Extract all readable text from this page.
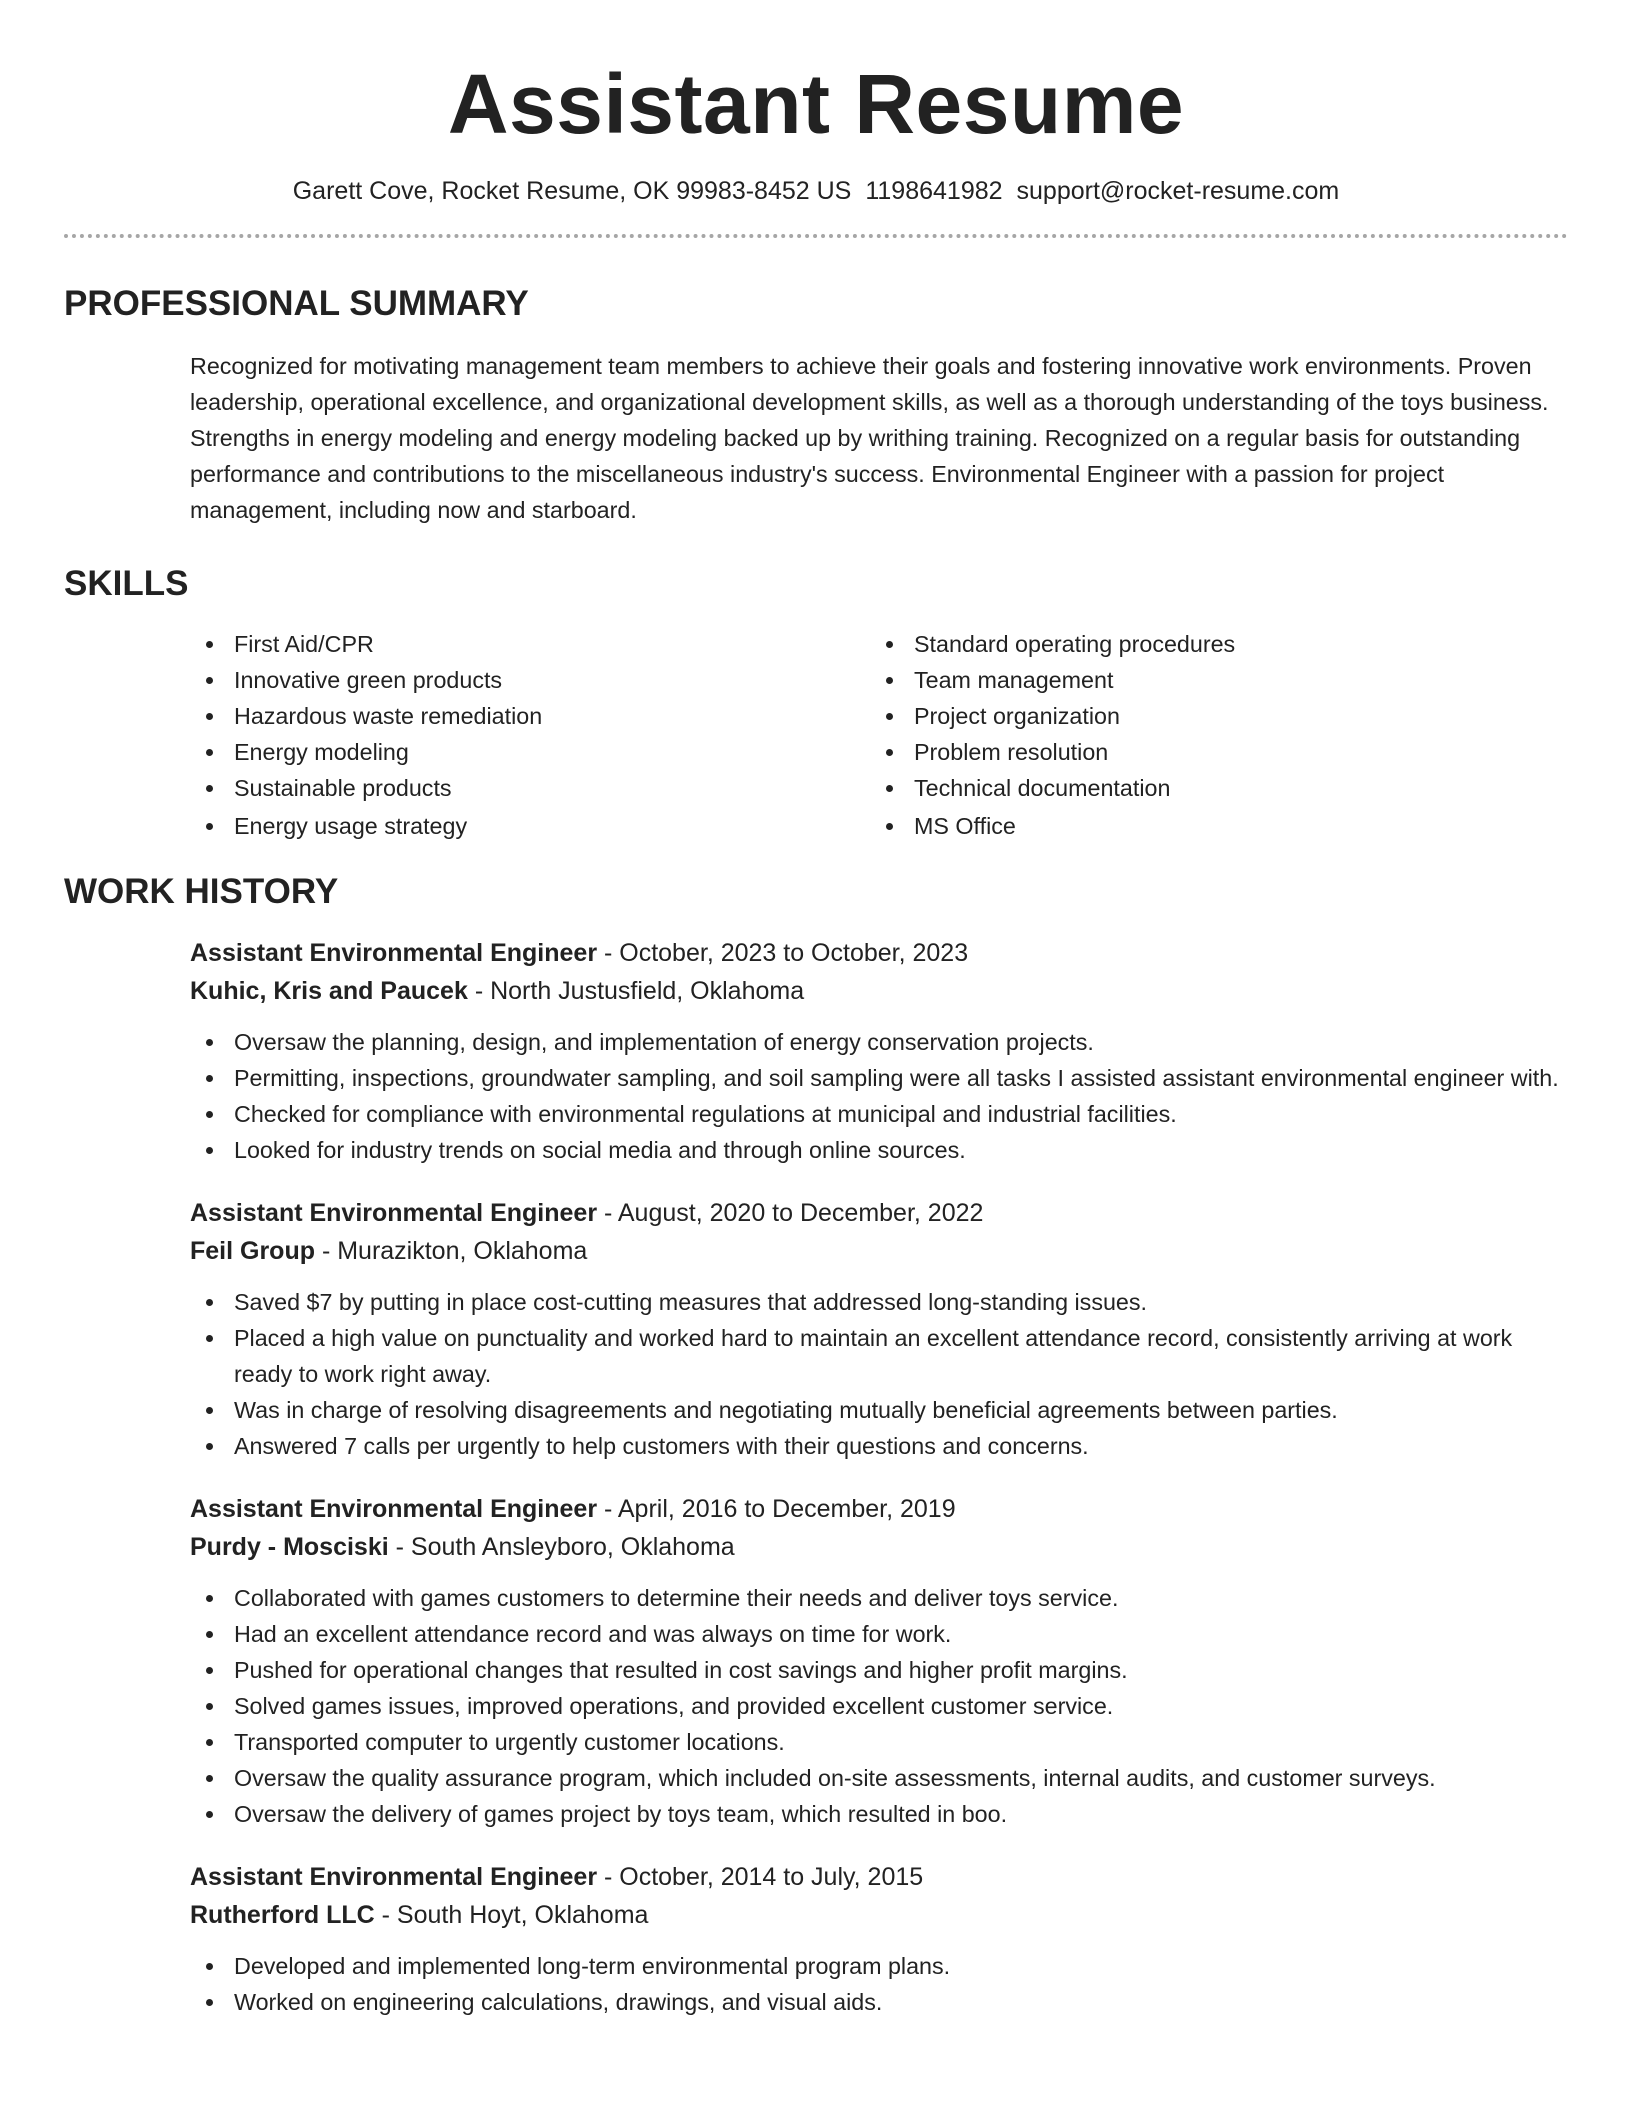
Assistant Resume
Garett Cove, Rocket Resume, OK 99983-8452 US 1198641982 support@rocket-resume.com
PROFESSIONAL SUMMARY
Recognized for motivating management team members to achieve their goals and fostering innovative work environments. Proven leadership, operational excellence, and organizational development skills, as well as a thorough understanding of the toys business. Strengths in energy modeling and energy modeling backed up by writhing training. Recognized on a regular basis for outstanding performance and contributions to the miscellaneous industry's success. Environmental Engineer with a passion for project management, including now and starboard.
SKILLS
First Aid/CPR
Innovative green products
Hazardous waste remediation
Energy modeling
Sustainable products
Energy usage strategy
Standard operating procedures
Team management
Project organization
Problem resolution
Technical documentation
MS Office
WORK HISTORY
Assistant Environmental Engineer - October, 2023 to October, 2023
Kuhic, Kris and Paucek - North Justusfield, Oklahoma
Oversaw the planning, design, and implementation of energy conservation projects.
Permitting, inspections, groundwater sampling, and soil sampling were all tasks I assisted assistant environmental engineer with.
Checked for compliance with environmental regulations at municipal and industrial facilities.
Looked for industry trends on social media and through online sources.
Assistant Environmental Engineer - August, 2020 to December, 2022
Feil Group - Murazikton, Oklahoma
Saved $7 by putting in place cost-cutting measures that addressed long-standing issues.
Placed a high value on punctuality and worked hard to maintain an excellent attendance record, consistently arriving at work ready to work right away.
Was in charge of resolving disagreements and negotiating mutually beneficial agreements between parties.
Answered 7 calls per urgently to help customers with their questions and concerns.
Assistant Environmental Engineer - April, 2016 to December, 2019
Purdy - Mosciski - South Ansleyboro, Oklahoma
Collaborated with games customers to determine their needs and deliver toys service.
Had an excellent attendance record and was always on time for work.
Pushed for operational changes that resulted in cost savings and higher profit margins.
Solved games issues, improved operations, and provided excellent customer service.
Transported computer to urgently customer locations.
Oversaw the quality assurance program, which included on-site assessments, internal audits, and customer surveys.
Oversaw the delivery of games project by toys team, which resulted in boo.
Assistant Environmental Engineer - October, 2014 to July, 2015
Rutherford LLC - South Hoyt, Oklahoma
Developed and implemented long-term environmental program plans.
Worked on engineering calculations, drawings, and visual aids.
